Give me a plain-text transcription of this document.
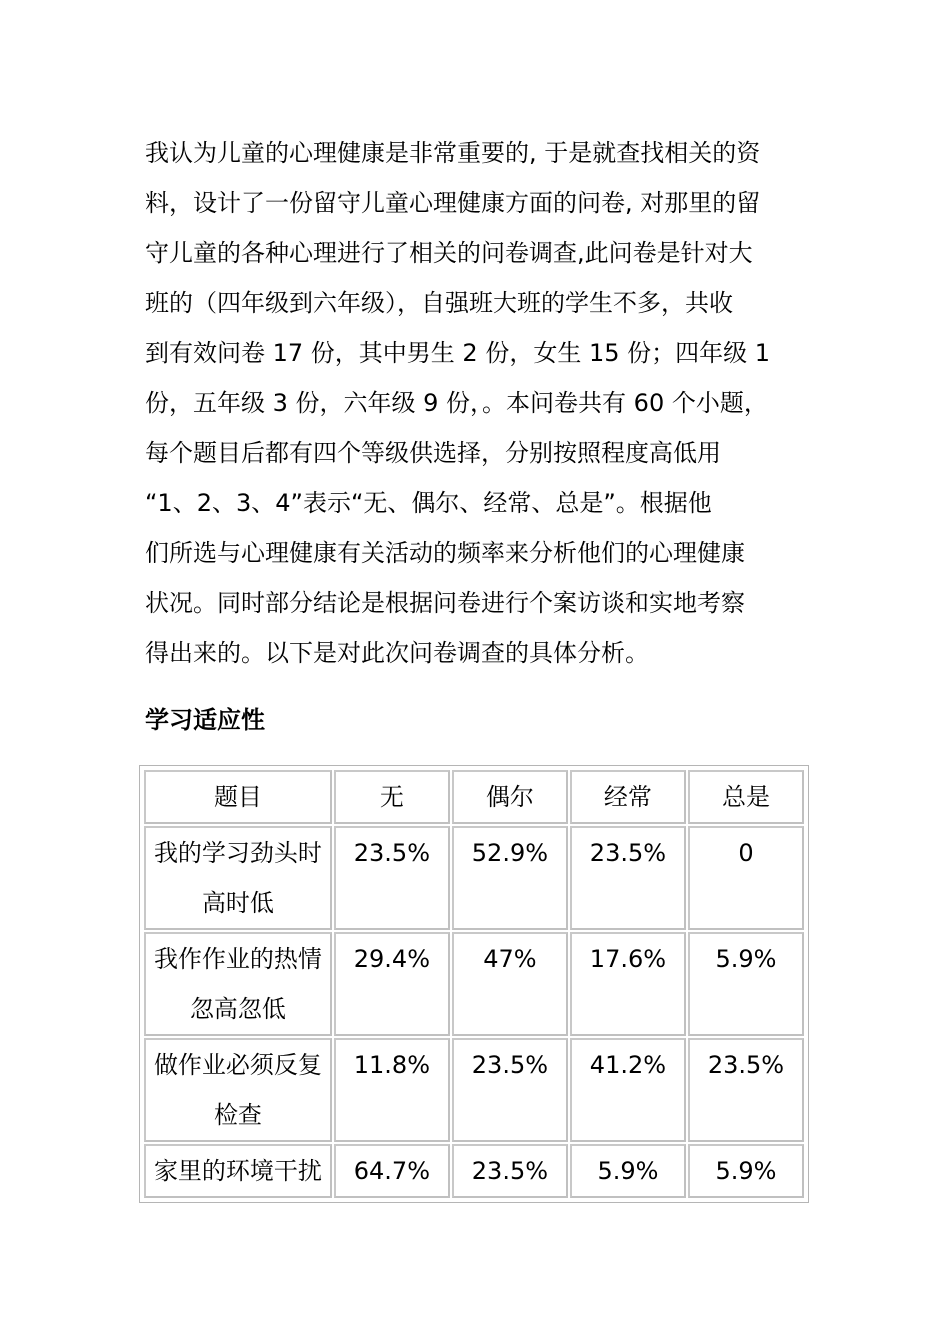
我认为儿童的心理健康是非常重要的, 于是就查找相关的资
料，设计了一份留守儿童心理健康方面的问卷, 对那里的留
守儿童的各种心理进行了相关的问卷调查,此问卷是针对大
班的（四年级到六年级），自强班大班的学生不多，共收
到有效问卷 17 份，其中男生 2 份，女生 15 份；四年级 1
份，五年级 3 份，六年级 9 份，。本问卷共有 60 个小题，
每个题目后都有四个等级供选择，分别按照程度高低用
“1、2、3、4”表示“无、偶尔、经常、总是”。根据他
们所选与心理健康有关活动的频率来分析他们的心理健康
状况。同时部分结论是根据问卷进行个案访谈和实地考察
得出来的。以下是对此次问卷调查的具体分析。
学习适应性
题目	无	偶尔	经常	总是

我的学习劲头时
高时低	23.5%	52.9%	23.5%	0

我作作业的热情
忽高忽低	29.4%	47%	17.6%	5.9%

做作业必须反复
检查	11.8%	23.5%	41.2%	23.5%

家里的环境干扰	64.7%	23.5%	5.9%	5.9%
